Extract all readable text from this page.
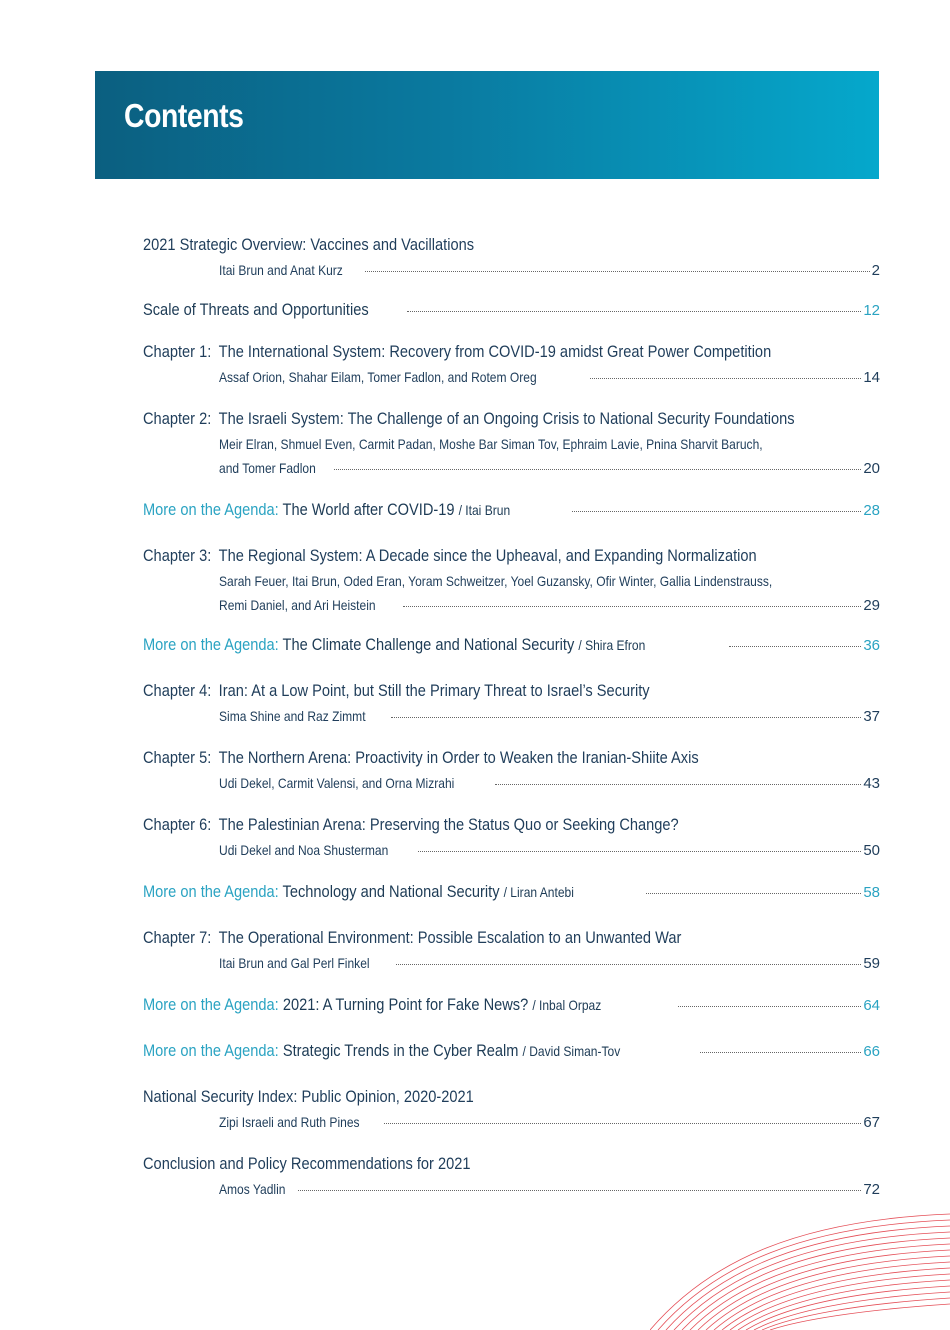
Contents
2021 Strategic Overview: Vaccines and Vacillations
Itai Brun and Anat Kurz	2
Scale of Threats and Opportunities	12
Chapter 1: The International System: Recovery from COVID-19 amidst Great Power Competition
Assaf Orion, Shahar Eilam, Tomer Fadlon, and Rotem Oreg	14
Chapter 2: The Israeli System: The Challenge of an Ongoing Crisis to National Security Foundations
Meir Elran, Shmuel Even, Carmit Padan, Moshe Bar Siman Tov, Ephraim Lavie, Pnina Sharvit Baruch,
and Tomer Fadlon	20
More on the Agenda: The World after COVID-19 / Itai Brun	28
Chapter 3: The Regional System: A Decade since the Upheaval, and Expanding Normalization
Sarah Feuer, Itai Brun, Oded Eran, Yoram Schweitzer, Yoel Guzansky, Ofir Winter, Gallia Lindenstrauss,
Remi Daniel, and Ari Heistein	29
More on the Agenda: The Climate Challenge and National Security / Shira Efron	36
Chapter 4: Iran: At a Low Point, but Still the Primary Threat to Israel’s Security
Sima Shine and Raz Zimmt	37
Chapter 5: The Northern Arena: Proactivity in Order to Weaken the Iranian-Shiite Axis
Udi Dekel, Carmit Valensi, and Orna Mizrahi	43
Chapter 6: The Palestinian Arena: Preserving the Status Quo or Seeking Change?
Udi Dekel and Noa Shusterman	50
More on the Agenda: Technology and National Security / Liran Antebi	58
Chapter 7: The Operational Environment: Possible Escalation to an Unwanted War
Itai Brun and Gal Perl Finkel	59
More on the Agenda: 2021: A Turning Point for Fake News? / Inbal Orpaz	64
More on the Agenda: Strategic Trends in the Cyber Realm / David Siman-Tov	66
National Security Index: Public Opinion, 2020-2021
Zipi Israeli and Ruth Pines	67
Conclusion and Policy Recommendations for 2021
Amos Yadlin	72
